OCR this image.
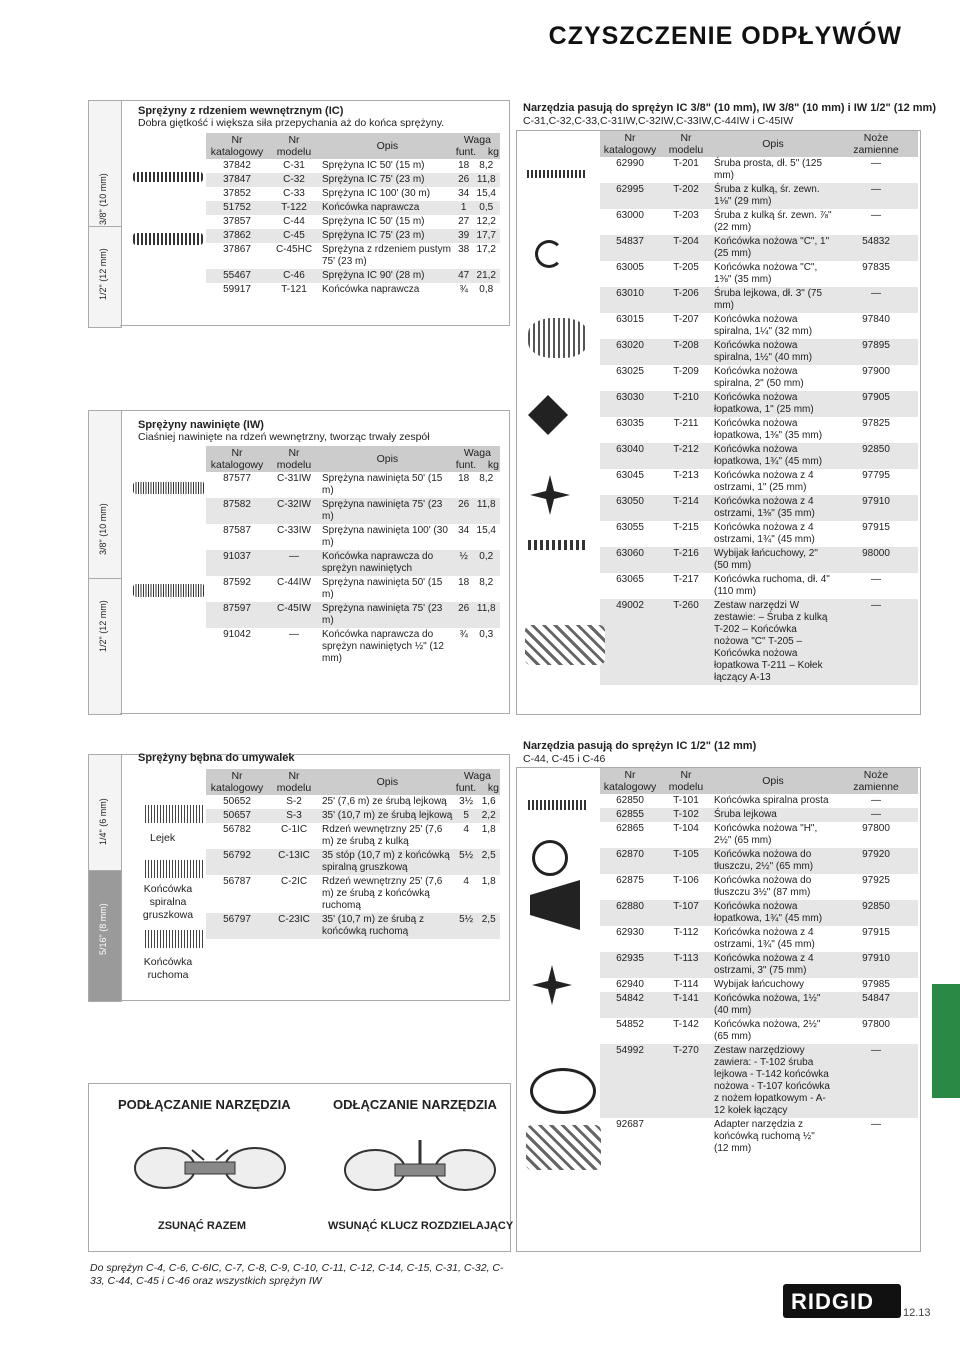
CZYSZCZENIE ODPŁYWÓW
3/8" (10 mm)
1/2" (12 mm)
Sprężyny z rdzeniem wewnętrznym (IC)
Dobra giętkość i większa siła przepychania aż do końca sprężyny.
Nr
katalogowy	Nr
modelu	Opis	Waga
funt. kg	
37842	C-31	Sprężyna IC 50' (15 m)	18	8,2
37847	C-32	Sprężyna IC 75' (23 m)	26	11,8
37852	C-33	Sprężyna IC 100' (30 m)	34	15,4
51752	T-122	Końcówka naprawcza	1	0,5
37857	C-44	Sprężyna IC 50' (15 m)	27	12,2
37862	C-45	Sprężyna IC 75' (23 m)	39	17,7
37867	C-45HC	Sprężyna z rdzeniem pustym 75' (23 m)	38	17,2
55467	C-46	Sprężyna IC 90' (28 m)	47	21,2
59917	T-121	Końcówka naprawcza	¾	0,8
3/8" (10 mm)
1/2" (12 mm)
Sprężyny nawinięte (IW)
Ciaśniej nawinięte na rdzeń wewnętrzny, tworząc trwały zespół
Nr
katalogowy	Nr
modelu	Opis	Waga
funt. kg	
87577	C-31IW	Sprężyna nawinięta 50' (15 m)	18	8,2
87582	C-32IW	Sprężyna nawinięta 75' (23 m)	26	11,8
87587	C-33IW	Sprężyna nawinięta 100' (30 m)	34	15,4
91037	—	Końcówka naprawcza do sprężyn nawiniętych	½	0,2
87592	C-44IW	Sprężyna nawinięta 50' (15 m)	18	8,2
87597	C-45IW	Sprężyna nawinięta 75' (23 m)	26	11,8
91042	—	Końcówka naprawcza do sprężyn nawiniętych ½" (12 mm)	¾	0,3
1/4" (6 mm)
5/16" (8 mm)
Sprężyny bębna do umywalek
Lejek
Końcówka spiralna gruszkowa
Końcówka ruchoma
Nr
katalogowy	Nr
modelu	Opis	Waga
funt. kg	
50652	S-2	25' (7,6 m) ze śrubą lejkową	3½	1,6
50657	S-3	35' (10,7 m) ze śrubą lejkową	5	2,2
56782	C-1IC	Rdzeń wewnętrzny 25' (7,6 m) ze śrubą z kulką	4	1,8
56792	C-13IC	35 stóp (10,7 m) z końcówką spiralną gruszkową	5½	2,5
56787	C-2IC	Rdzeń wewnętrzny 25' (7,6 m) ze śrubą z końcówką ruchomą	4	1,8
56797	C-23IC	35' (10,7 m) ze śrubą z końcówką ruchomą	5½	2,5
PODŁĄCZANIE NARZĘDZIA	ODŁĄCZANIE NARZĘDZIA
ZSUNĄĆ RAZEM	WSUNĄĆ KLUCZ ROZDZIELAJĄCY
Do sprężyn C-4, C-6, C-6IC, C-7, C-8, C-9, C-10, C-11, C-12, C-14, C-15, C-31, C-32, C-33, C-44, C-45 i C-46 oraz wszystkich sprężyn IW
Narzędzia pasują do sprężyn IC 3/8" (10 mm), IW 3/8" (10 mm) i IW 1/2" (12 mm)
C-31,C-32,C-33,C-31IW,C-32IW,C-33IW,C-44IW i C-45IW
Nr
katalogowy	Nr
modelu	Opis	Noże
zamienne
62990	T-201	Śruba prosta, dł. 5" (125 mm)	—
62995	T-202	Śruba z kulką, śr. zewn. 1⅛" (29 mm)	—
63000	T-203	Śruba z kulką śr. zewn. ⅞" (22 mm)	—
54837	T-204	Końcówka nożowa "C", 1" (25 mm)	54832
63005	T-205	Końcówka nożowa "C", 1⅜" (35 mm)	97835
63010	T-206	Śruba lejkowa, dł. 3" (75 mm)	—
63015	T-207	Końcówka nożowa spiralna, 1¼" (32 mm)	97840
63020	T-208	Końcówka nożowa spiralna, 1½" (40 mm)	97895
63025	T-209	Końcówka nożowa spiralna, 2" (50 mm)	97900
63030	T-210	Końcówka nożowa łopatkowa, 1" (25 mm)	97905
63035	T-211	Końcówka nożowa łopatkowa, 1⅜" (35 mm)	97825
63040	T-212	Końcówka nożowa łopatkowa, 1¾" (45 mm)	92850
63045	T-213	Końcówka nożowa z 4 ostrzami, 1" (25 mm)	97795
63050	T-214	Końcówka nożowa z 4 ostrzami, 1⅜" (35 mm)	97910
63055	T-215	Końcówka nożowa z 4 ostrzami, 1¾" (45 mm)	97915
63060	T-216	Wybijak łańcuchowy, 2" (50 mm)	98000
63065	T-217	Końcówka ruchoma, dł. 4" (110 mm)	—
49002	T-260	Zestaw narzędzi W zestawie: – Śruba z kulką T-202 – Końcówka nożowa "C" T-205 – Końcówka nożowa łopatkowa T-211 – Kołek łączący A-13	—
Narzędzia pasują do sprężyn IC 1/2" (12 mm)
C-44, C-45 i C-46
Nr
katalogowy	Nr
modelu	Opis	Noże
zamienne
62850	T-101	Końcówka spiralna prosta	—
62855	T-102	Śruba lejkowa	—
62865	T-104	Końcówka nożowa "H", 2½" (65 mm)	97800
62870	T-105	Końcówka nożowa do tłuszczu, 2½" (65 mm)	97920
62875	T-106	Końcówka nożowa do tłuszczu 3½" (87 mm)	97925
62880	T-107	Końcówka nożowa łopatkowa, 1¾" (45 mm)	92850
62930	T-112	Końcówka nożowa z 4 ostrzami, 1¾" (45 mm)	97915
62935	T-113	Końcówka nożowa z 4 ostrzami, 3" (75 mm)	97910
62940	T-114	Wybijak łańcuchowy	97985
54842	T-141	Końcówka nożowa, 1½" (40 mm)	54847
54852	T-142	Końcówka nożowa, 2½" (65 mm)	97800
54992	T-270	Zestaw narzędziowy zawiera: - T-102 śruba lejkowa - T-142 końcówka nożowa - T-107 końcówka z nożem łopatkowym - A-12 kołek łączący	—
92687		Adapter narzędzia z końcówką ruchomą ½" (12 mm)	—
RIDGID	12.13
